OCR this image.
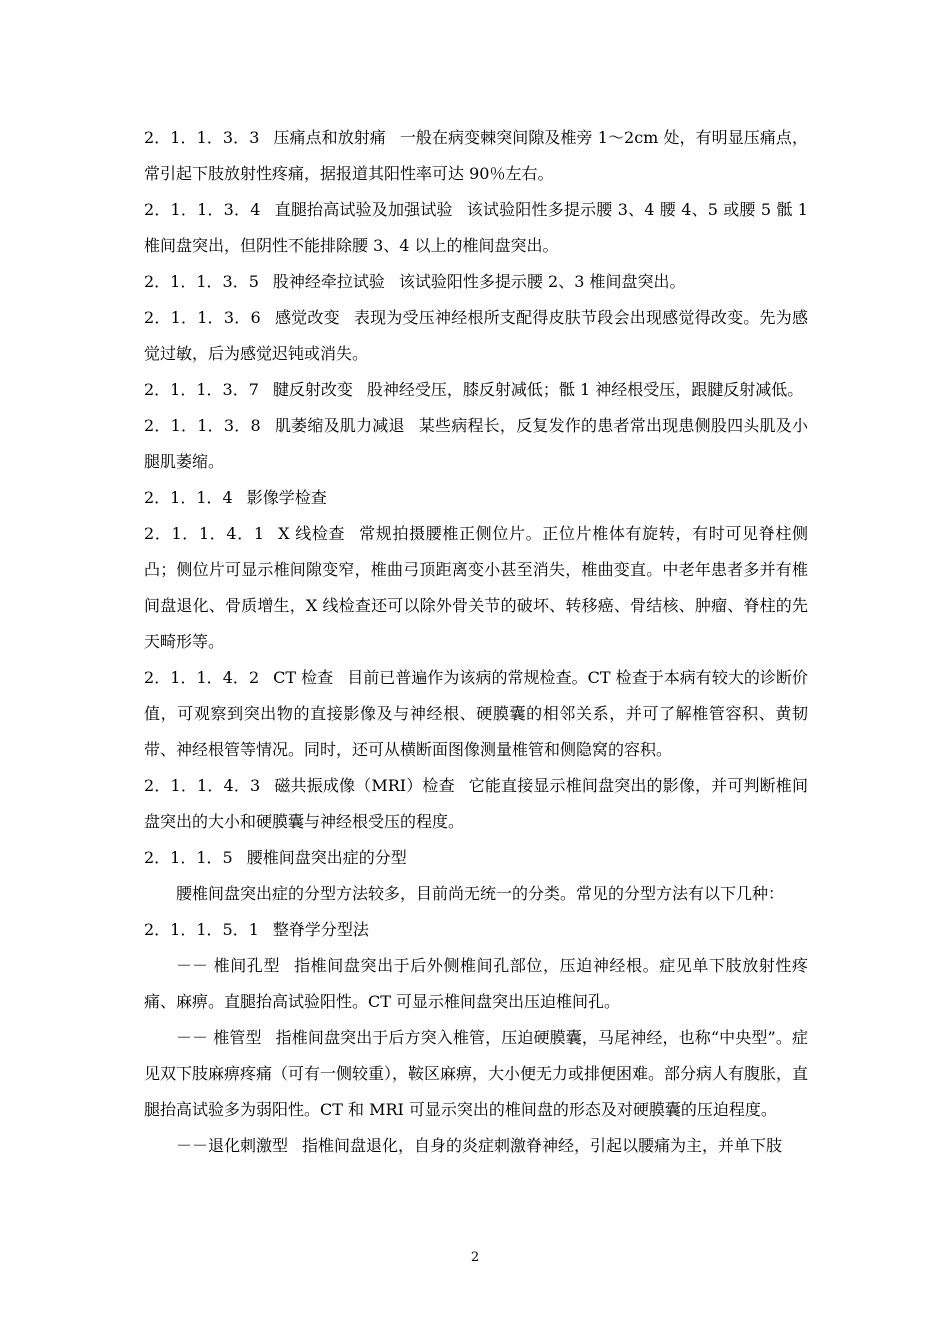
2．1．1．3．3 压痛点和放射痛 一般在病变棘突间隙及椎旁 1～2cm 处，有明显压痛点，常引起下肢放射性疼痛，据报道其阳性率可达 90％左右。

2．1．1．3．4 直腿抬高试验及加强试验 该试验阳性多提示腰 3、4 腰 4、5 或腰 5 骶 1 椎间盘突出，但阴性不能排除腰 3、4 以上的椎间盘突出。

2．1．1．3．5 股神经牵拉试验 该试验阳性多提示腰 2、3 椎间盘突出。

2．1．1．3．6 感觉改变 表现为受压神经根所支配得皮肤节段会出现感觉得改变。先为感觉过敏，后为感觉迟钝或消失。

2．1．1．3．7 腱反射改变 股神经受压，膝反射减低；骶 1 神经根受压，跟腱反射减低。

2．1．1．3．8 肌萎缩及肌力减退 某些病程长，反复发作的患者常出现患侧股四头肌及小腿肌萎缩。

2．1．1．4 影像学检查

2．1．1．4．1 X 线检查 常规拍摄腰椎正侧位片。正位片椎体有旋转，有时可见脊柱侧凸；侧位片可显示椎间隙变窄，椎曲弓顶距离变小甚至消失，椎曲变直。中老年患者多并有椎间盘退化、骨质增生，X 线检查还可以除外骨关节的破坏、转移癌、骨结核、肿瘤、脊柱的先天畸形等。

2．1．1．4．2 CT 检查 目前已普遍作为该病的常规检查。CT 检查于本病有较大的诊断价值，可观察到突出物的直接影像及与神经根、硬膜囊的相邻关系，并可了解椎管容积、黄韧带、神经根管等情况。同时，还可从横断面图像测量椎管和侧隐窝的容积。

2．1．1．4．3 磁共振成像（MRI）检查 它能直接显示椎间盘突出的影像，并可判断椎间盘突出的大小和硬膜囊与神经根受压的程度。

2．1．1．5 腰椎间盘突出症的分型

腰椎间盘突出症的分型方法较多，目前尚无统一的分类。常见的分型方法有以下几种：

2．1．1．5．1 整脊学分型法

－－ 椎间孔型 指椎间盘突出于后外侧椎间孔部位，压迫神经根。症见单下肢放射性疼痛、麻痹。直腿抬高试验阳性。CT 可显示椎间盘突出压迫椎间孔。

－－ 椎管型 指椎间盘突出于后方突入椎管，压迫硬膜囊，马尾神经，也称“中央型”。症见双下肢麻痹疼痛（可有一侧较重），鞍区麻痹，大小便无力或排便困难。部分病人有腹胀，直腿抬高试验多为弱阳性。CT 和 MRI 可显示突出的椎间盘的形态及对硬膜囊的压迫程度。

－－退化刺激型 指椎间盘退化，自身的炎症刺激脊神经，引起以腰痛为主，并单下肢

2
